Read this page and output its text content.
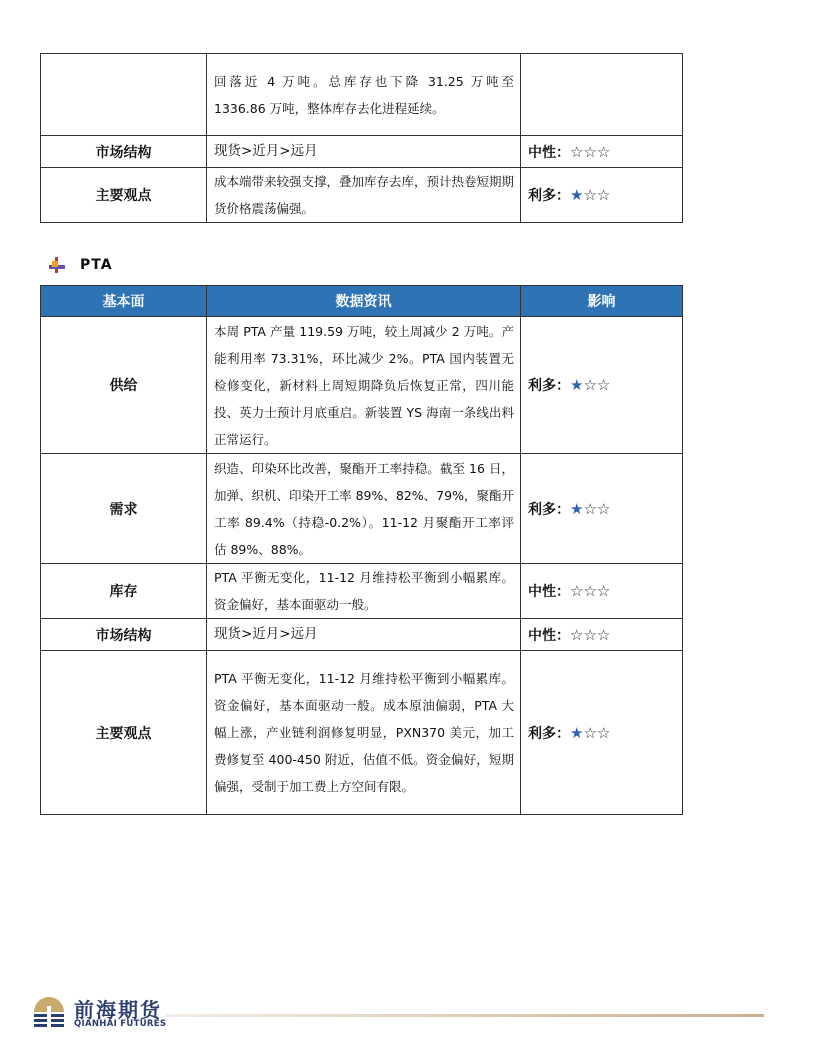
	回落近 4 万吨。总库存也下降 31.25 万吨至 1336.86 万吨，整体库存去化进程延续。	
市场结构	现货>近月>远月	中性：☆☆☆
主要观点	成本端带来较强支撑，叠加库存去库，预计热卷短期期货价格震荡偏强。	利多：★☆☆
PTA
基本面	数据资讯	影响
供给	本周 PTA 产量 119.59 万吨，较上周减少 2 万吨。产能利用率 73.31%，环比减少 2%。PTA 国内装置无检修变化，新材料上周短期降负后恢复正常，四川能投、英力士预计月底重启。新装置 YS 海南一条线出料正常运行。	利多：★☆☆
需求	织造、印染环比改善，聚酯开工率持稳。截至 16 日，加弹、织机、印染开工率 89%、82%、79%，聚酯开工率 89.4%（持稳-0.2%）。11-12 月聚酯开工率评估 89%、88%。	利多：★☆☆
库存	PTA 平衡无变化，11-12 月维持松平衡到小幅累库。资金偏好，基本面驱动一般。	中性：☆☆☆
市场结构	现货>近月>远月	中性：☆☆☆
主要观点	PTA 平衡无变化，11-12 月维持松平衡到小幅累库。资金偏好，基本面驱动一般。成本原油偏弱，PTA 大幅上涨，产业链利润修复明显，PXN370 美元，加工费修复至 400-450 附近，估值不低。资金偏好，短期偏强，受制于加工费上方空间有限。	利多：★☆☆
前海期货
QIANHAI FUTURES
